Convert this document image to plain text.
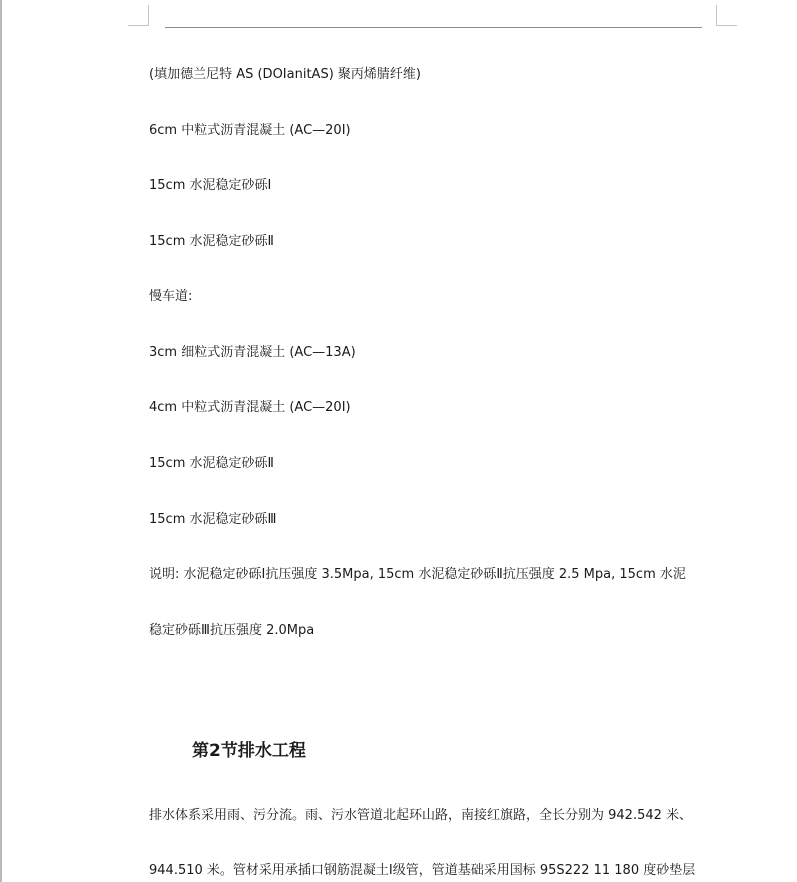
(填加德兰尼特 AS (DOIanitAS) 聚丙烯腈纤维)

6cm 中粒式沥青混凝土 (AC—20I)

15cm 水泥稳定砂砾Ⅰ

15cm 水泥稳定砂砾Ⅱ

慢车道:

3cm 细粒式沥青混凝土 (AC—13A)

4cm 中粒式沥青混凝土 (AC—20I)

15cm 水泥稳定砂砾Ⅱ

15cm 水泥稳定砂砾Ⅲ

说明: 水泥稳定砂砾Ⅰ抗压强度 3.5Mpa, 15cm 水泥稳定砂砾Ⅱ抗压强度 2.5 Mpa, 15cm 水泥

稳定砂砾Ⅲ抗压强度 2.0Mpa

第2节排水工程

排水体系采用雨、污分流。雨、污水管道北起环山路，南接红旗路，全长分别为 942.542 米、

944.510 米。管材采用承插口钢筋混凝土Ⅰ级管，管道基础采用国标 95S222 11 180 度砂垫层
